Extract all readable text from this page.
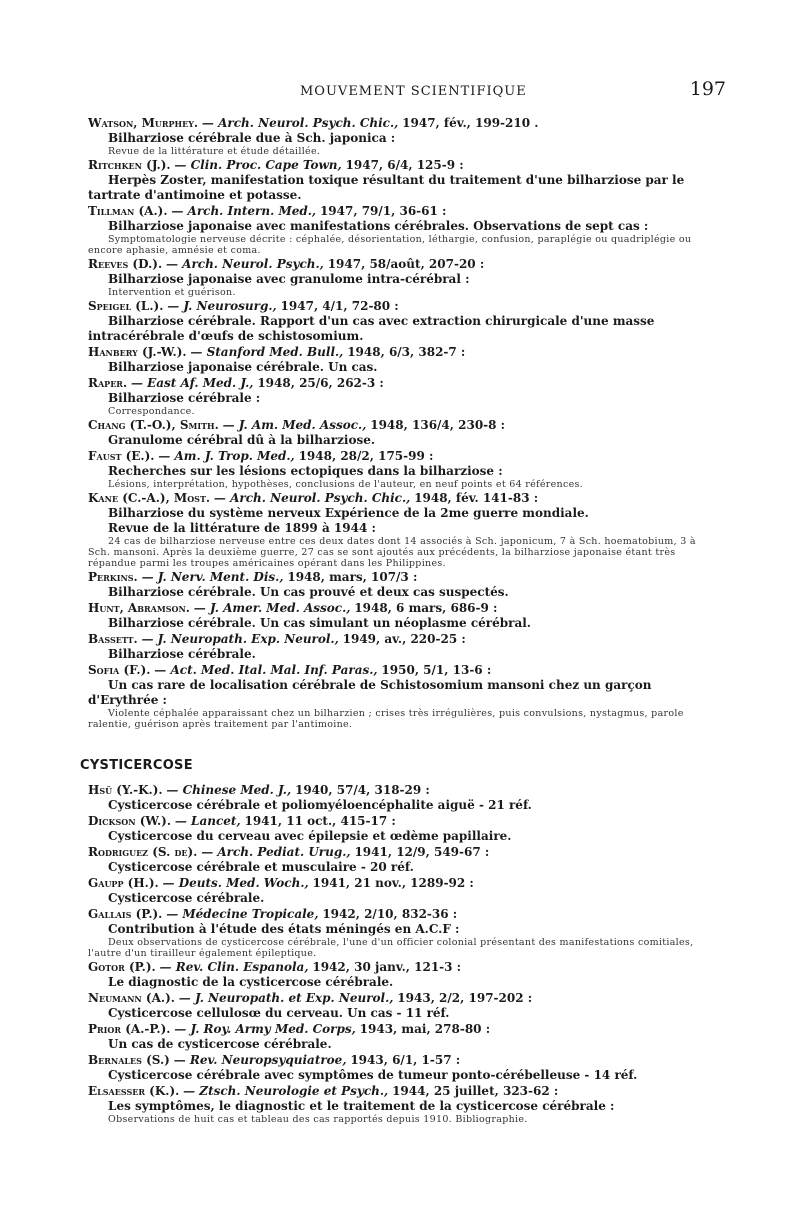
MOUVEMENT SCIENTIFIQUE	197
Watson, Murphey. — Arch. Neurol. Psych. Chic., 1947, fév., 199-210 .
Bilharziose cérébrale due à Sch. japonica :
Revue de la littérature et étude détaillée.
Ritchken (J.). — Clin. Proc. Cape Town, 1947, 6/4, 125-9 :
Herpès Zoster, manifestation toxique résultant du traitement d'une bilharziose par le tartrate d'antimoine et potasse.
Tillman (A.). — Arch. Intern. Med., 1947, 79/1, 36-61 :
Bilharziose japonaise avec manifestations cérébrales. Observations de sept cas :
Symptomatologie nerveuse décrite : céphalée, désorientation, léthargie, confusion, paraplégie ou quadriplégie ou encore aphasie, amnésie et coma.
Reeves (D.). — Arch. Neurol. Psych., 1947, 58/août, 207-20 :
Bilharziose japonaise avec granulome intra-cérébral :
Intervention et guérison.
Speigel (L.). — J. Neurosurg., 1947, 4/1, 72-80 :
Bilharziose cérébrale. Rapport d'un cas avec extraction chirurgicale d'une masse intracérébrale d'œufs de schistosomium.
Hanbery (J.-W.). — Stanford Med. Bull., 1948, 6/3, 382-7 :
Bilharziose japonaise cérébrale. Un cas.
Raper. — East Af. Med. J., 1948, 25/6, 262-3 :
Bilharziose cérébrale :
Correspondance.
Chang (T.-O.), Smith. — J. Am. Med. Assoc., 1948, 136/4, 230-8 :
Granulome cérébral dû à la bilharziose.
Faust (E.). — Am. J. Trop. Med., 1948, 28/2, 175-99 :
Recherches sur les lésions ectopiques dans la bilharziose :
Lésions, interprétation, hypothèses, conclusions de l'auteur, en neuf points et 64 références.
Kane (C.-A.), Most. — Arch. Neurol. Psych. Chic., 1948, fév. 141-83 :
Bilharziose du système nerveux Expérience de la 2me guerre mondiale.
Revue de la littérature de 1899 à 1944 :
24 cas de bilharziose nerveuse entre ces deux dates dont 14 associés à Sch. japonicum, 7 à Sch. hoematobium, 3 à Sch. mansoni. Après la deuxième guerre, 27 cas se sont ajoutés aux précédents, la bilharziose japonaise étant très répandue parmi les troupes américaines opérant dans les Philippines.
Perkins. — J. Nerv. Ment. Dis., 1948, mars, 107/3 :
Bilharziose cérébrale. Un cas prouvé et deux cas suspectés.
Hunt, Abramson. — J. Amer. Med. Assoc., 1948, 6 mars, 686-9 :
Bilharziose cérébrale. Un cas simulant un néoplasme cérébral.
Bassett. — J. Neuropath. Exp. Neurol., 1949, av., 220-25 :
Bilharziose cérébrale.
Sofia (F.). — Act. Med. Ital. Mal. Inf. Paras., 1950, 5/1, 13-6 :
Un cas rare de localisation cérébrale de Schistosomium mansoni chez un garçon d'Erythrée :
Violente céphalée apparaissant chez un bilharzien ; crises très irrégulières, puis convulsions, nystagmus, parole ralentie, guérison après traitement par l'antimoine.
CYSTICERCOSE
Hsü (Y.-K.). — Chinese Med. J., 1940, 57/4, 318-29 :
Cysticercose cérébrale et poliomyéloencéphalite aiguë - 21 réf.
Dickson (W.). — Lancet, 1941, 11 oct., 415-17 :
Cysticercose du cerveau avec épilepsie et œdème papillaire.
Rodriguez (S. de). — Arch. Pediat. Urug., 1941, 12/9, 549-67 :
Cysticercose cérébrale et musculaire - 20 réf.
Gaupp (H.). — Deuts. Med. Woch., 1941, 21 nov., 1289-92 :
Cysticercose cérébrale.
Gallais (P.). — Médecine Tropicale, 1942, 2/10, 832-36 :
Contribution à l'étude des états méningés en A.C.F :
Deux observations de cysticercose cérébrale, l'une d'un officier colonial présentant des manifestations comitiales, l'autre d'un tirailleur également épileptique.
Gotor (P.). — Rev. Clin. Espanola, 1942, 30 janv., 121-3 :
Le diagnostic de la cysticercose cérébrale.
Neumann (A.). — J. Neuropath. et Exp. Neurol., 1943, 2/2, 197-202 :
Cysticercose cellulosœ du cerveau. Un cas - 11 réf.
Prior (A.-P.). — J. Roy. Army Med. Corps, 1943, mai, 278-80 :
Un cas de cysticercose cérébrale.
Bernales (S.) — Rev. Neuropsyquiatroe, 1943, 6/1, 1-57 :
Cysticercose cérébrale avec symptômes de tumeur ponto-cérébelleuse - 14 réf.
Elsaesser (K.). — Ztsch. Neurologie et Psych., 1944, 25 juillet, 323-62 :
Les symptômes, le diagnostic et le traitement de la cysticercose cérébrale :
Observations de huit cas et tableau des cas rapportés depuis 1910. Bibliographie.
